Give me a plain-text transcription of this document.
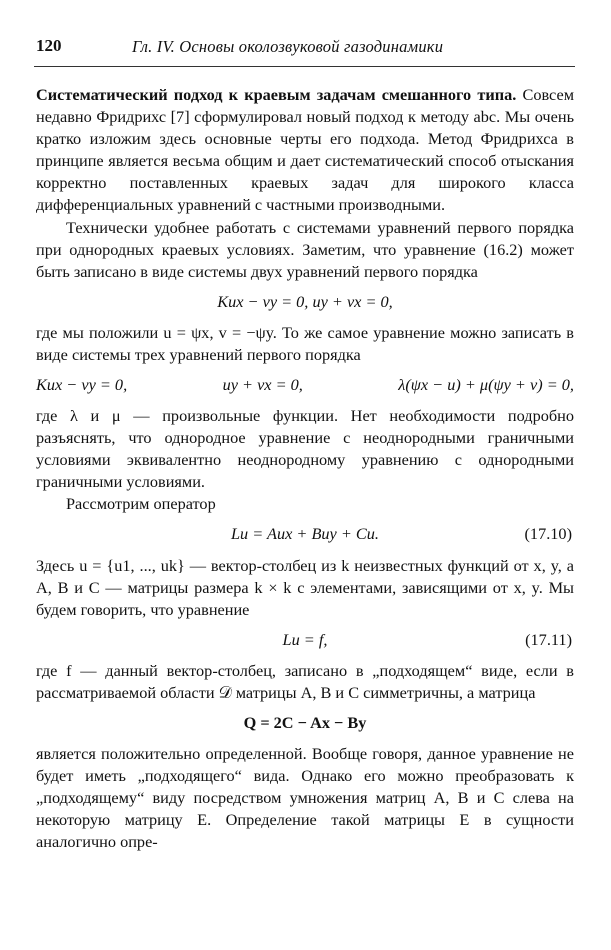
120	Гл. IV. Основы околозвуковой газодинамики

Систематический подход к краевым задачам смешанного типа. Совсем недавно Фридрихс [7] сформулировал новый подход к методу abc. Мы очень кратко изложим здесь основные черты его подхода. Метод Фридрихса в принципе является весьма общим и дает систематический способ отыскания корректно поставленных краевых задач для широкого класса дифференциальных уравнений с частными производными.

Технически удобнее работать с системами уравнений первого порядка при однородных краевых условиях. Заметим, что уравнение (16.2) может быть записано в виде системы двух уравнений первого порядка

Kux − vy = 0, uy + vx = 0,

где мы положили u = ψx, v = −ψy. То же самое уравнение можно записать в виде системы трех уравнений первого порядка

Kux − vy = 0,	uy + vx = 0,	λ(ψx − u) + μ(ψy + v) = 0,

где λ и μ — произвольные функции. Нет необходимости подробно разъяснять, что однородное уравнение с неоднородными граничными условиями эквивалентно неоднородному уравнению с однородными граничными условиями.

Рассмотрим оператор

Lu = Aux + Buy + Cu.	(17.10)

Здесь u = {u1, ..., uk} — вектор-столбец из k неизвестных функций от x, y, а A, B и C — матрицы размера k × k с элементами, зависящими от x, y. Мы будем говорить, что уравнение

Lu = f,	(17.11)

где f — данный вектор-столбец, записано в „подходящем“ виде, если в рассматриваемой области 𝒟 матрицы A, B и C симметричны, а матрица

Q = 2C − Ax − By

является положительно определенной. Вообще говоря, данное уравнение не будет иметь „подходящего“ вида. Однако его можно преобразовать к „подходящему“ виду посредством умножения матриц A, B и C слева на некоторую матрицу E. Определение такой матрицы E в сущности аналогично опре-
